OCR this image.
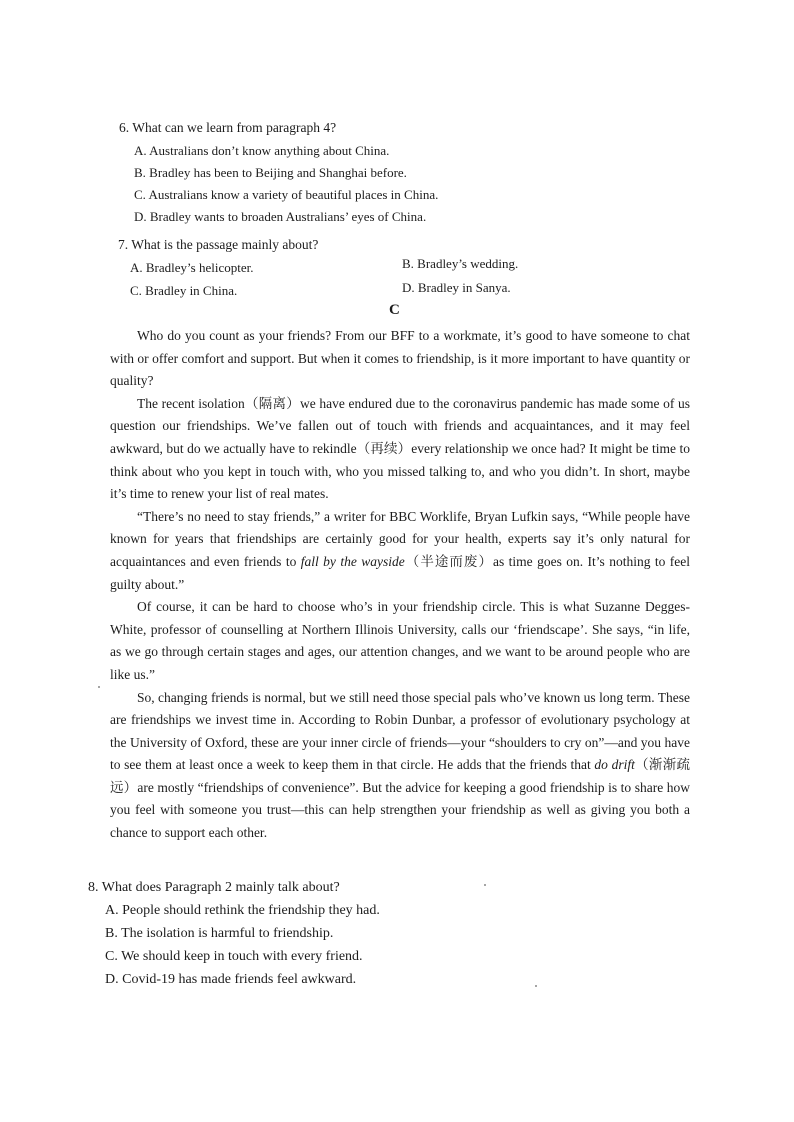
6. What can we learn from paragraph 4?
A. Australians don’t know anything about China.
B. Bradley has been to Beijing and Shanghai before.
C. Australians know a variety of beautiful places in China.
D. Bradley wants to broaden Australians’ eyes of China.
7. What is the passage mainly about?
A. Bradley’s helicopter.	B. Bradley’s wedding.
C. Bradley in China.	D. Bradley in Sanya.
C

Who do you count as your friends? From our BFF to a workmate, it’s good to have someone to chat with or offer comfort and support. But when it comes to friendship, is it more important to have quantity or quality?

The recent isolation（隔离）we have endured due to the coronavirus pandemic has made some of us question our friendships. We’ve fallen out of touch with friends and acquaintances, and it may feel awkward, but do we actually have to rekindle（再续）every relationship we once had? It might be time to think about who you kept in touch with, who you missed talking to, and who you didn’t. In short, maybe it’s time to renew your list of real mates.

“There’s no need to stay friends,” a writer for BBC Worklife, Bryan Lufkin says, “While people have known for years that friendships are certainly good for your health, experts say it’s only natural for acquaintances and even friends to fall by the wayside（半途而废）as time goes on. It’s nothing to feel guilty about.”

Of course, it can be hard to choose who’s in your friendship circle. This is what Suzanne Degges-White, professor of counselling at Northern Illinois University, calls our ‘friendscape’. She says, “in life, as we go through certain stages and ages, our attention changes, and we want to be around people who are like us.”

So, changing friends is normal, but we still need those special pals who’ve known us long term. These are friendships we invest time in. According to Robin Dunbar, a professor of evolutionary psychology at the University of Oxford, these are your inner circle of friends—your “shoulders to cry on”—and you have to see them at least once a week to keep them in that circle. He adds that the friends that do drift（渐渐疏远）are mostly “friendships of convenience”. But the advice for keeping a good friendship is to share how you feel with someone you trust—this can help strengthen your friendship as well as giving you both a chance to support each other.

8. What does Paragraph 2 mainly talk about?
A. People should rethink the friendship they had.
B. The isolation is harmful to friendship.
C. We should keep in touch with every friend.
D. Covid-19 has made friends feel awkward.
